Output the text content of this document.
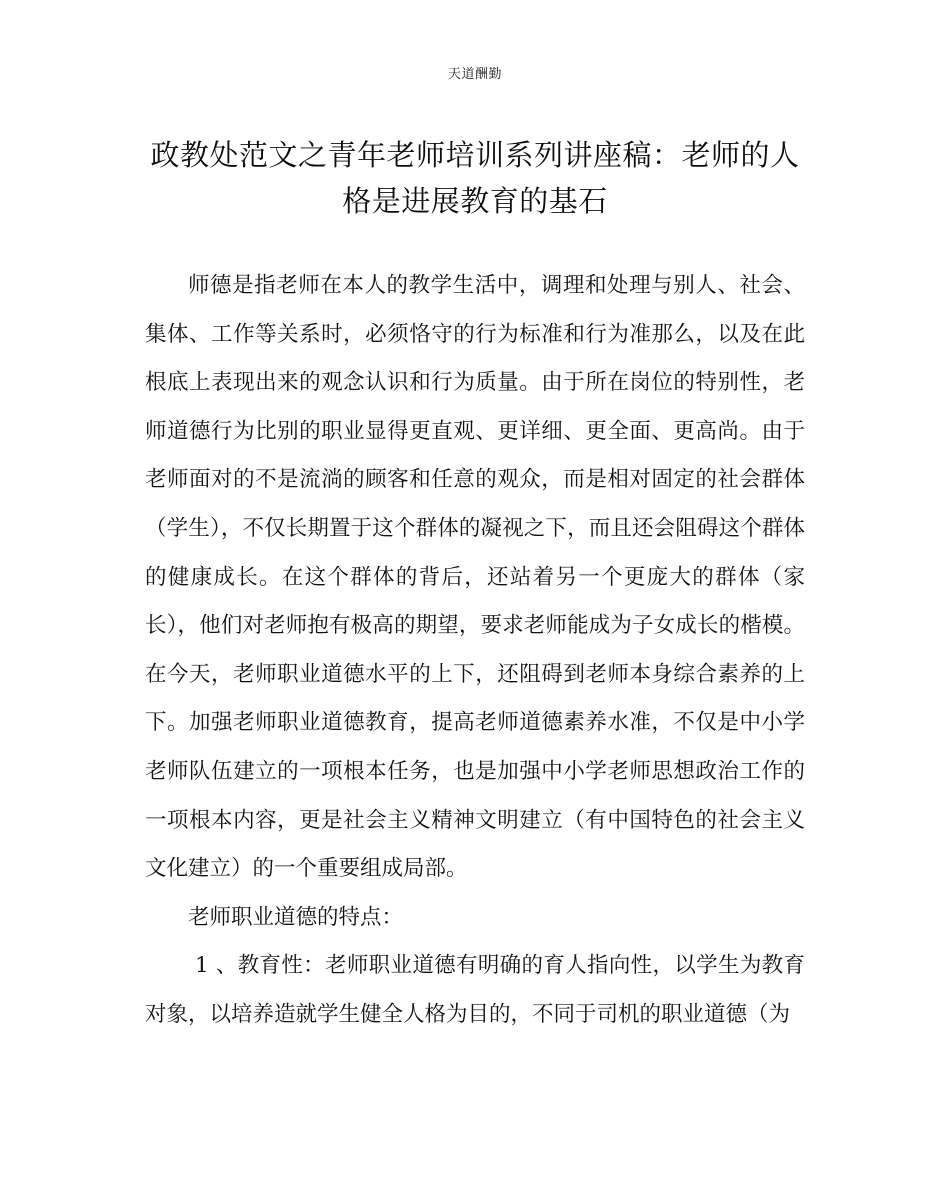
天道酬勤
政教处范文之青年老师培训系列讲座稿：老师的人格是进展教育的基石

师德是指老师在本人的教学生活中，调理和处理与别人、社会、集体、工作等关系时，必须恪守的行为标准和行为准那么，以及在此根底上表现出来的观念认识和行为质量。由于所在岗位的特别性，老师道德行为比别的职业显得更直观、更详细、更全面、更高尚。由于老师面对的不是流淌的顾客和任意的观众，而是相对固定的社会群体（学生），不仅长期置于这个群体的凝视之下，而且还会阻碍这个群体的健康成长。在这个群体的背后，还站着另一个更庞大的群体（家长），他们对老师抱有极高的期望，要求老师能成为子女成长的楷模。在今天，老师职业道德水平的上下，还阻碍到老师本身综合素养的上下。加强老师职业道德教育，提高老师道德素养水准，不仅是中小学老师队伍建立的一项根本任务，也是加强中小学老师思想政治工作的一项根本内容，更是社会主义精神文明建立（有中国特色的社会主义文化建立）的一个重要组成局部。

老师职业道德的特点：

1 、教育性：老师职业道德有明确的育人指向性，以学生为教育对象，以培养造就学生健全人格为目的，不同于司机的职业道德（为
